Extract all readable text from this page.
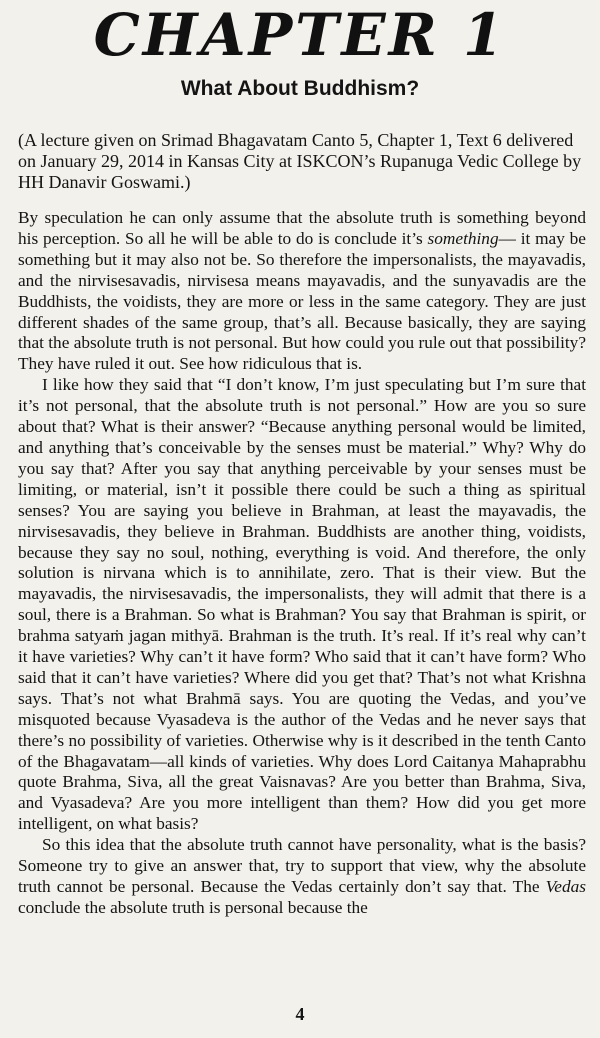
CHAPTER 1
What About Buddhism?
(A lecture given on Srimad Bhagavatam Canto 5, Chapter 1, Text 6 delivered on January 29, 2014 in Kansas City at ISKCON’s Rupanuga Vedic College by HH Danavir Goswami.)

By speculation he can only assume that the absolute truth is something beyond his perception. So all he will be able to do is conclude it’s something— it may be something but it may also not be. So therefore the impersonalists, the mayavadis, and the nirvisesavadis, nirvisesa means mayavadis, and the sunyavadis are the Buddhists, the voidists, they are more or less in the same category. They are just different shades of the same group, that’s all. Because basically, they are saying that the absolute truth is not personal. But how could you rule out that possibility? They have ruled it out. See how ridiculous that is.

I like how they said that “I don’t know, I’m just speculating but I’m sure that it’s not personal, that the absolute truth is not personal.” How are you so sure about that? What is their answer? “Because anything personal would be limited, and anything that’s conceivable by the senses must be material.” Why? Why do you say that? After you say that anything perceivable by your senses must be limiting, or material, isn’t it possible there could be such a thing as spiritual senses? You are saying you believe in Brahman, at least the mayavadis, the nirvisesavadis, they believe in Brahman. Buddhists are another thing, voidists, because they say no soul, nothing, everything is void. And therefore, the only solution is nirvana which is to annihilate, zero. That is their view. But the mayavadis, the nirvisesavadis, the impersonalists, they will admit that there is a soul, there is a Brahman. So what is Brahman? You say that Brahman is spirit, or brahma satyaṁ jagan mithyā. Brahman is the truth. It’s real. If it’s real why can’t it have varieties? Why can’t it have form? Who said that it can’t have form? Who said that it can’t have varieties? Where did you get that? That’s not what Krishna says. That’s not what Brahmā says. You are quoting the Vedas, and you’ve misquoted because Vyasadeva is the author of the Vedas and he never says that there’s no possibility of varieties. Otherwise why is it described in the tenth Canto of the Bhagavatam—all kinds of varieties. Why does Lord Caitanya Mahaprabhu quote Brahma, Siva, all the great Vaisnavas? Are you better than Brahma, Siva, and Vyasadeva? Are you more intelligent than them? How did you get more intelligent, on what basis?

So this idea that the absolute truth cannot have personality, what is the basis? Someone try to give an answer that, try to support that view, why the absolute truth cannot be personal. Because the Vedas certainly don’t say that. The Vedas conclude the absolute truth is personal because the

4
